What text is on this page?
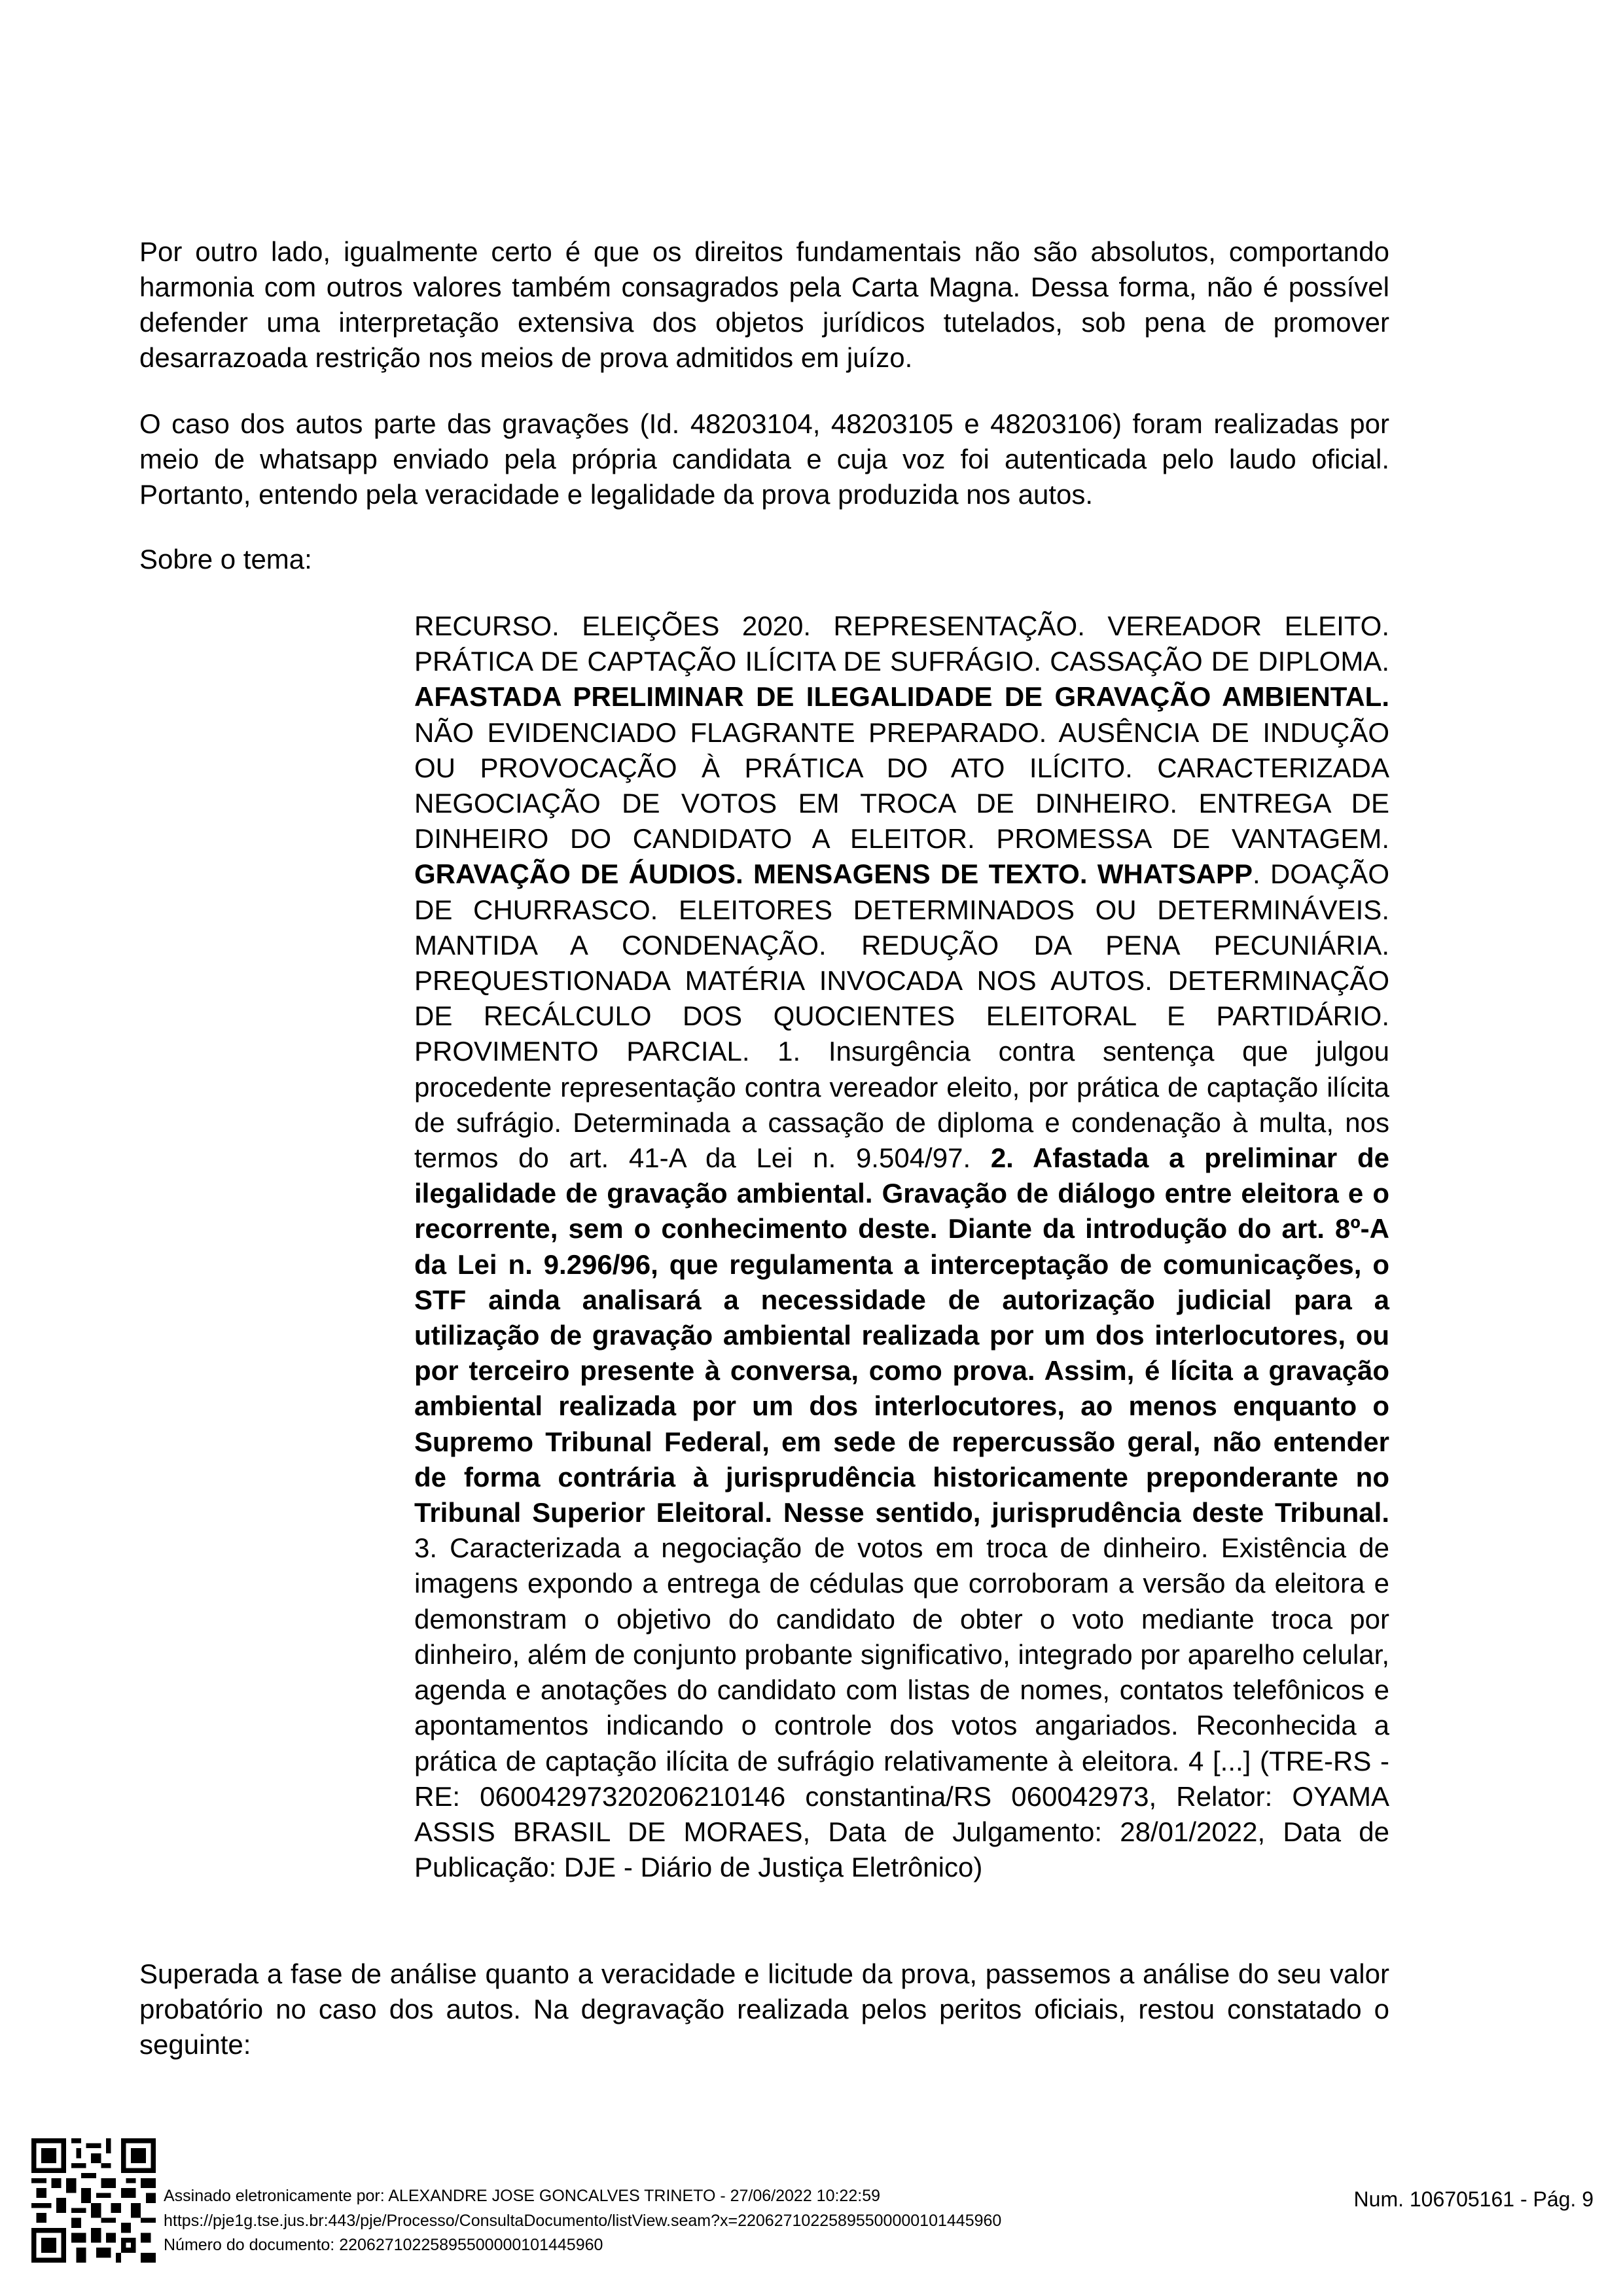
Por outro lado, igualmente certo é que os direitos fundamentais não são absolutos, comportando harmonia com outros valores também consagrados pela Carta Magna. Dessa forma, não é possível defender uma interpretação extensiva dos objetos jurídicos tutelados, sob pena de promover desarrazoada restrição nos meios de prova admitidos em juízo.

O caso dos autos parte das gravações (Id. 48203104, 48203105 e 48203106) foram realizadas por meio de whatsapp enviado pela própria candidata e cuja voz foi autenticada pelo laudo oficial. Portanto, entendo pela veracidade e legalidade da prova produzida nos autos.

Sobre o tema:

RECURSO. ELEIÇÕES 2020. REPRESENTAÇÃO. VEREADOR ELEITO. PRÁTICA DE CAPTAÇÃO ILÍCITA DE SUFRÁGIO. CASSAÇÃO DE DIPLOMA. AFASTADA PRELIMINAR DE ILEGALIDADE DE GRAVAÇÃO AMBIENTAL. NÃO EVIDENCIADO FLAGRANTE PREPARADO. AUSÊNCIA DE INDUÇÃO OU PROVOCAÇÃO À PRÁTICA DO ATO ILÍCITO. CARACTERIZADA NEGOCIAÇÃO DE VOTOS EM TROCA DE DINHEIRO. ENTREGA DE DINHEIRO DO CANDIDATO A ELEITOR. PROMESSA DE VANTAGEM. GRAVAÇÃO DE ÁUDIOS. MENSAGENS DE TEXTO. WHATSAPP. DOAÇÃO DE CHURRASCO. ELEITORES DETERMINADOS OU DETERMINÁVEIS. MANTIDA A CONDENAÇÃO. REDUÇÃO DA PENA PECUNIÁRIA. PREQUESTIONADA MATÉRIA INVOCADA NOS AUTOS. DETERMINAÇÃO DE RECÁLCULO DOS QUOCIENTES ELEITORAL E PARTIDÁRIO. PROVIMENTO PARCIAL. 1. Insurgência contra sentença que julgou procedente representação contra vereador eleito, por prática de captação ilícita de sufrágio. Determinada a cassação de diploma e condenação à multa, nos termos do art. 41-A da Lei n. 9.504/97. 2. Afastada a preliminar de ilegalidade de gravação ambiental. Gravação de diálogo entre eleitora e o recorrente, sem o conhecimento deste. Diante da introdução do art. 8º-A da Lei n. 9.296/96, que regulamenta a interceptação de comunicações, o STF ainda analisará a necessidade de autorização judicial para a utilização de gravação ambiental realizada por um dos interlocutores, ou por terceiro presente à conversa, como prova. Assim, é lícita a gravação ambiental realizada por um dos interlocutores, ao menos enquanto o Supremo Tribunal Federal, em sede de repercussão geral, não entender de forma contrária à jurisprudência historicamente preponderante no Tribunal Superior Eleitoral. Nesse sentido, jurisprudência deste Tribunal. 3. Caracterizada a negociação de votos em troca de dinheiro. Existência de imagens expondo a entrega de cédulas que corroboram a versão da eleitora e demonstram o objetivo do candidato de obter o voto mediante troca por dinheiro, além de conjunto probante significativo, integrado por aparelho celular, agenda e anotações do candidato com listas de nomes, contatos telefônicos e apontamentos indicando o controle dos votos angariados. Reconhecida a prática de captação ilícita de sufrágio relativamente à eleitora. 4 [...] (TRE-RS - RE: 06004297320206210146 constantina/RS 060042973, Relator: OYAMA ASSIS BRASIL DE MORAES, Data de Julgamento: 28/01/2022, Data de Publicação: DJE - Diário de Justiça Eletrônico)

Superada a fase de análise quanto a veracidade e licitude da prova, passemos a análise do seu valor probatório no caso dos autos. Na degravação realizada pelos peritos oficiais, restou constatado o seguinte:

Assinado eletronicamente por: ALEXANDRE JOSE GONCALVES TRINETO - 27/06/2022 10:22:59
https://pje1g.tse.jus.br:443/pje/Processo/ConsultaDocumento/listView.seam?x=22062710225895500000101445960
Número do documento: 22062710225895500000101445960
Num. 106705161 - Pág. 9
